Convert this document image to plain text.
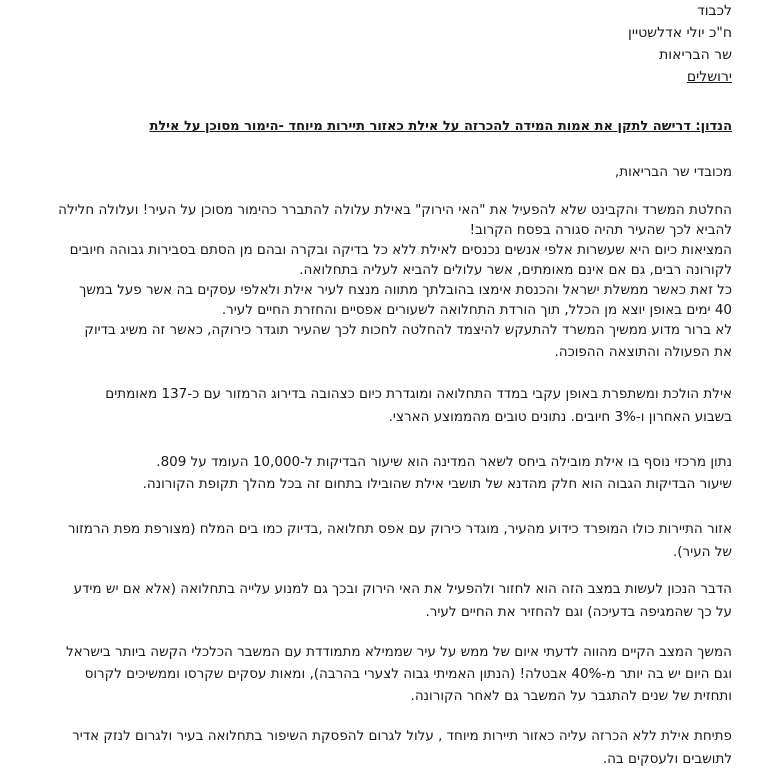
לכבוד
ח"כ יולי אדלשטיין
שר הבריאות
ירושלים
הנדון: דרישה לתקן את אמות המידה להכרזה על אילת כאזור תיירות מיוחד -הימור מסוכן על אילת
מכובדי שר הבריאות,
החלטת המשרד והקבינט שלא להפעיל את "האי הירוק" באילת עלולה להתברר כהימור מסוכן על העיר! ועלולה חלילה
להביא לכך שהעיר תהיה סגורה בפסח הקרוב!
המציאות כיום היא שעשרות אלפי אנשים נכנסים לאילת ללא כל בדיקה ובקרה ובהם מן הסתם בסבירות גבוהה חיובים
לקורונה רבים, גם אם אינם מאומתים, אשר עלולים להביא לעליה בתחלואה.
כל זאת כאשר ממשלת ישראל והכנסת אימצו בהובלתך מתווה מנצח לעיר אילת ולאלפי עסקים בה אשר פעל במשך
40 ימים באופן יוצא מן הכלל, תוך הורדת התחלואה לשעורים אפסיים והחזרת החיים לעיר.
לא ברור מדוע ממשיך המשרד להתעקש להיצמד להחלטה לחכות לכך שהעיר תוגדר כירוקה, כאשר זה משיג בדיוק
את הפעולה והתוצאה ההפוכה.
אילת הולכת ומשתפרת באופן עקבי במדד התחלואה ומוגדרת כיום כצהובה בדירוג הרמזור עם כ-137 מאומתים
בשבוע האחרון ו-3% חיובים. נתונים טובים מהממוצע הארצי.
נתון מרכזי נוסף בו אילת מובילה ביחס לשאר המדינה הוא שיעור הבדיקות ל-10,000 העומד על 809.
שיעור הבדיקות הגבוה הוא חלק מהדנא של תושבי אילת שהובילו בתחום זה בכל מהלך תקופת הקורונה.
אזור התיירות כולו המופרד כידוע מהעיר, מוגדר כירוק עם אפס תחלואה ,בדיוק כמו בים המלח (מצורפת מפת הרמזור
של העיר).
הדבר הנכון לעשות במצב הזה הוא לחזור ולהפעיל את האי הירוק ובכך גם למנוע עלייה בתחלואה (אלא אם יש מידע
על כך שהמגיפה בדעיכה) וגם להחזיר את החיים לעיר.
המשך המצב הקיים מהווה לדעתי איום של ממש על עיר שממילא מתמודדת עם המשבר הכלכלי הקשה ביותר בישראל
וגם היום יש בה יותר מ-40% אבטלה! (הנתון האמיתי גבוה לצערי בהרבה), ומאות עסקים שקרסו וממשיכים לקרוס
ותחזית של שנים להתגבר על המשבר גם לאחר הקורונה.
פתיחת אילת ללא הכרזה עליה כאזור תיירות מיוחד , עלול לגרום להפסקת השיפור בתחלואה בעיר ולגרום לנזק אדיר
לתושבים ולעסקים בה.
